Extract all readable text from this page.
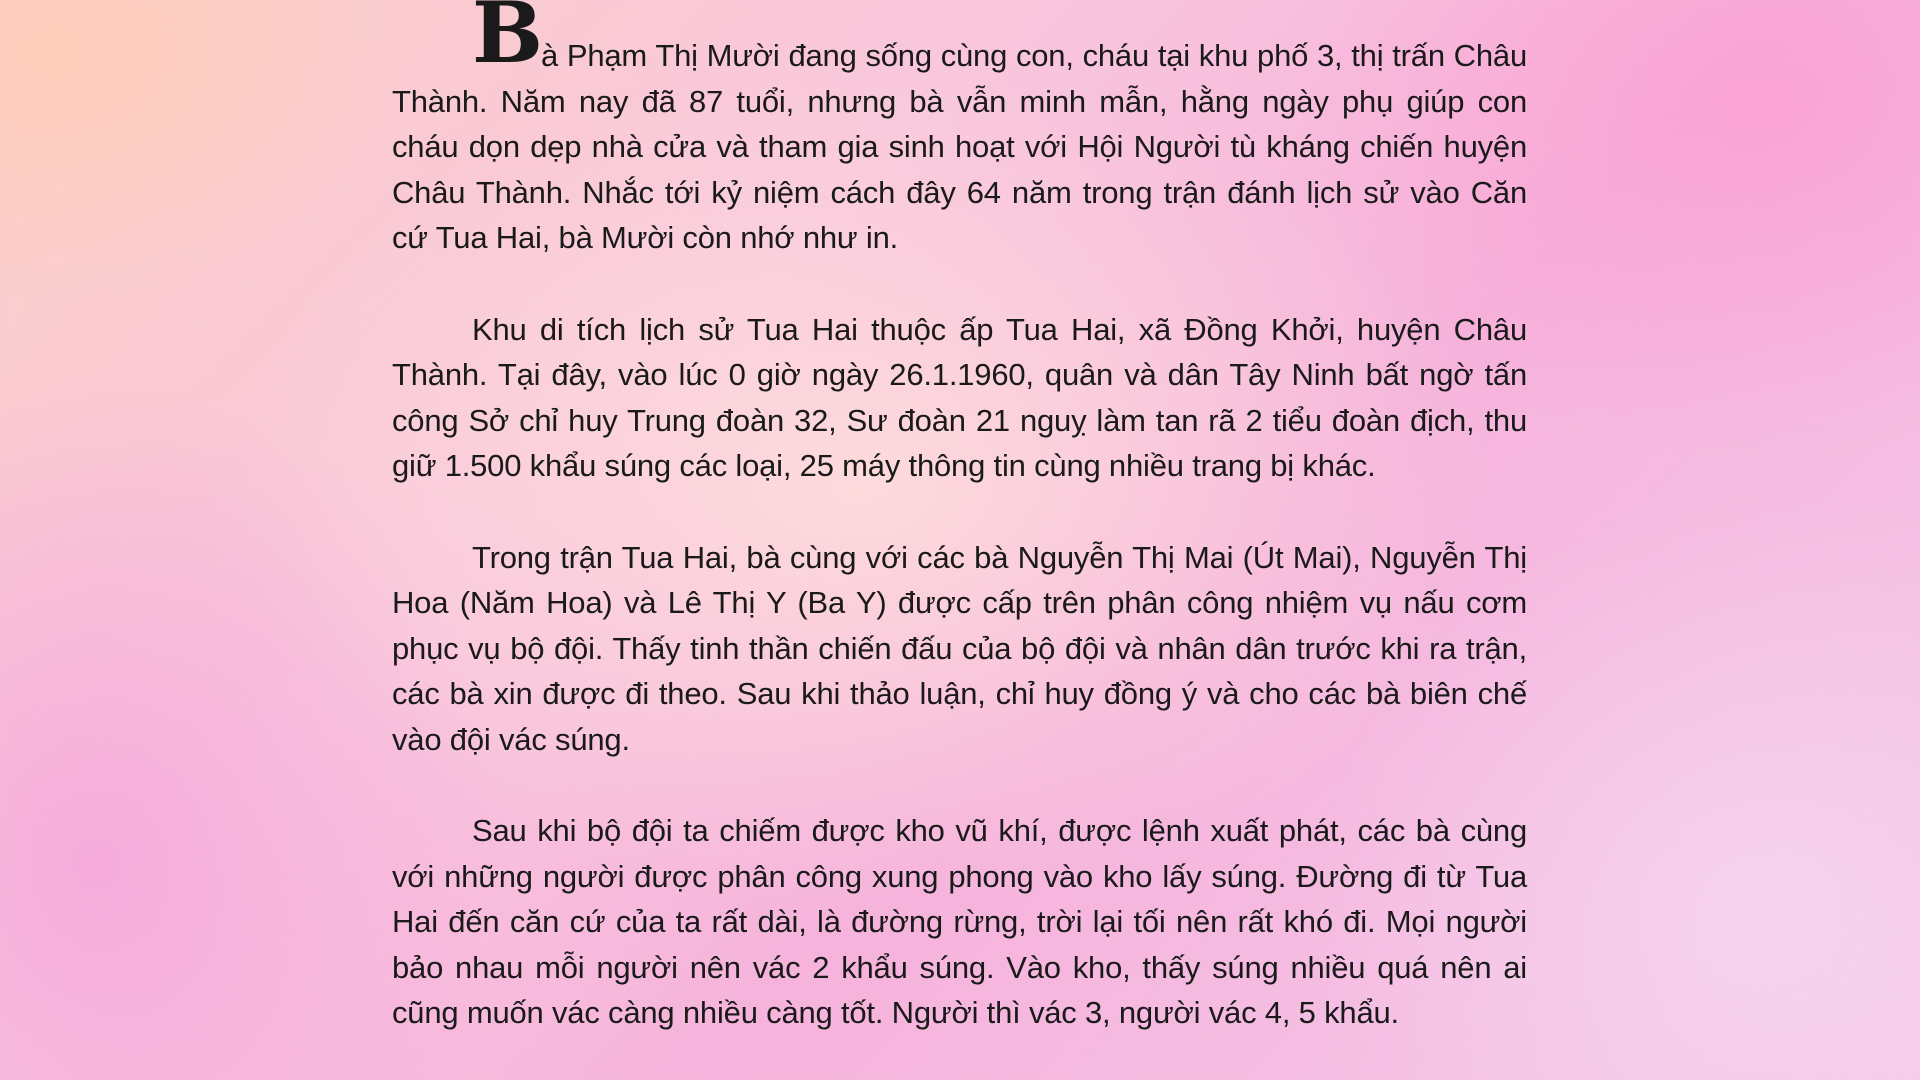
Bà Phạm Thị Mười đang sống cùng con, cháu tại khu phố 3, thị trấn Châu Thành. Năm nay đã 87 tuổi, nhưng bà vẫn minh mẫn, hằng ngày phụ giúp con cháu dọn dẹp nhà cửa và tham gia sinh hoạt với Hội Người tù kháng chiến huyện Châu Thành. Nhắc tới kỷ niệm cách đây 64 năm trong trận đánh lịch sử vào Căn cứ Tua Hai, bà Mười còn nhớ như in.

Khu di tích lịch sử Tua Hai thuộc ấp Tua Hai, xã Đồng Khởi, huyện Châu Thành. Tại đây, vào lúc 0 giờ ngày 26.1.1960, quân và dân Tây Ninh bất ngờ tấn công Sở chỉ huy Trung đoàn 32, Sư đoàn 21 nguỵ làm tan rã 2 tiểu đoàn địch, thu giữ 1.500 khẩu súng các loại, 25 máy thông tin cùng nhiều trang bị khác.

Trong trận Tua Hai, bà cùng với các bà Nguyễn Thị Mai (Út Mai), Nguyễn Thị Hoa (Năm Hoa) và Lê Thị Y (Ba Y) được cấp trên phân công nhiệm vụ nấu cơm phục vụ bộ đội. Thấy tinh thần chiến đấu của bộ đội và nhân dân trước khi ra trận, các bà xin được đi theo. Sau khi thảo luận, chỉ huy đồng ý và cho các bà biên chế vào đội vác súng.

Sau khi bộ đội ta chiếm được kho vũ khí, được lệnh xuất phát, các bà cùng với những người được phân công xung phong vào kho lấy súng. Đường đi từ Tua Hai đến căn cứ của ta rất dài, là đường rừng, trời lại tối nên rất khó đi. Mọi người bảo nhau mỗi người nên vác 2 khẩu súng. Vào kho, thấy súng nhiều quá nên ai cũng muốn vác càng nhiều càng tốt. Người thì vác 3, người vác 4, 5 khẩu.
